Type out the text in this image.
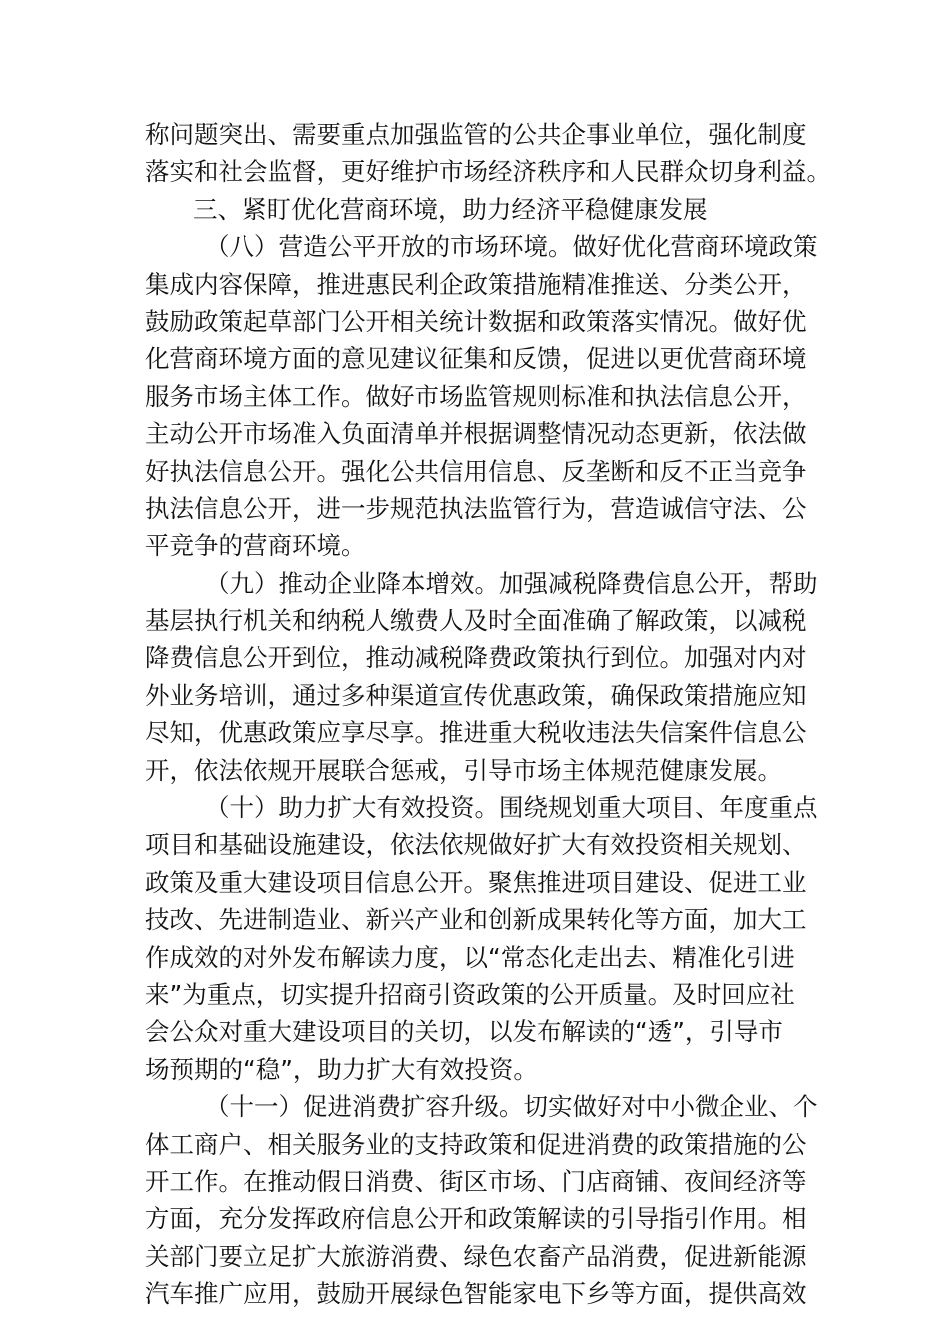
称问题突出、需要重点加强监管的公共企事业单位，强化制度
落实和社会监督，更好维护市场经济秩序和人民群众切身利益。
三、紧盯优化营商环境，助力经济平稳健康发展
（八）营造公平开放的市场环境。做好优化营商环境政策
集成内容保障，推进惠民利企政策措施精准推送、分类公开，
鼓励政策起草部门公开相关统计数据和政策落实情况。做好优
化营商环境方面的意见建议征集和反馈，促进以更优营商环境
服务市场主体工作。做好市场监管规则标准和执法信息公开，
主动公开市场准入负面清单并根据调整情况动态更新，依法做
好执法信息公开。强化公共信用信息、反垄断和反不正当竞争
执法信息公开，进一步规范执法监管行为，营造诚信守法、公
平竞争的营商环境。
（九）推动企业降本增效。加强减税降费信息公开，帮助
基层执行机关和纳税人缴费人及时全面准确了解政策，以减税
降费信息公开到位，推动减税降费政策执行到位。加强对内对
外业务培训，通过多种渠道宣传优惠政策，确保政策措施应知
尽知，优惠政策应享尽享。推进重大税收违法失信案件信息公
开，依法依规开展联合惩戒，引导市场主体规范健康发展。
（十）助力扩大有效投资。围绕规划重大项目、年度重点
项目和基础设施建设，依法依规做好扩大有效投资相关规划、
政策及重大建设项目信息公开。聚焦推进项目建设、促进工业
技改、先进制造业、新兴产业和创新成果转化等方面，加大工
作成效的对外发布解读力度，以“常态化走出去、精准化引进
来”为重点，切实提升招商引资政策的公开质量。及时回应社
会公众对重大建设项目的关切，以发布解读的“透”，引导市
场预期的“稳”，助力扩大有效投资。
（十一）促进消费扩容升级。切实做好对中小微企业、个
体工商户、相关服务业的支持政策和促进消费的政策措施的公
开工作。在推动假日消费、街区市场、门店商铺、夜间经济等
方面，充分发挥政府信息公开和政策解读的引导指引作用。相
关部门要立足扩大旅游消费、绿色农畜产品消费，促进新能源
汽车推广应用，鼓励开展绿色智能家电下乡等方面，提供高效
